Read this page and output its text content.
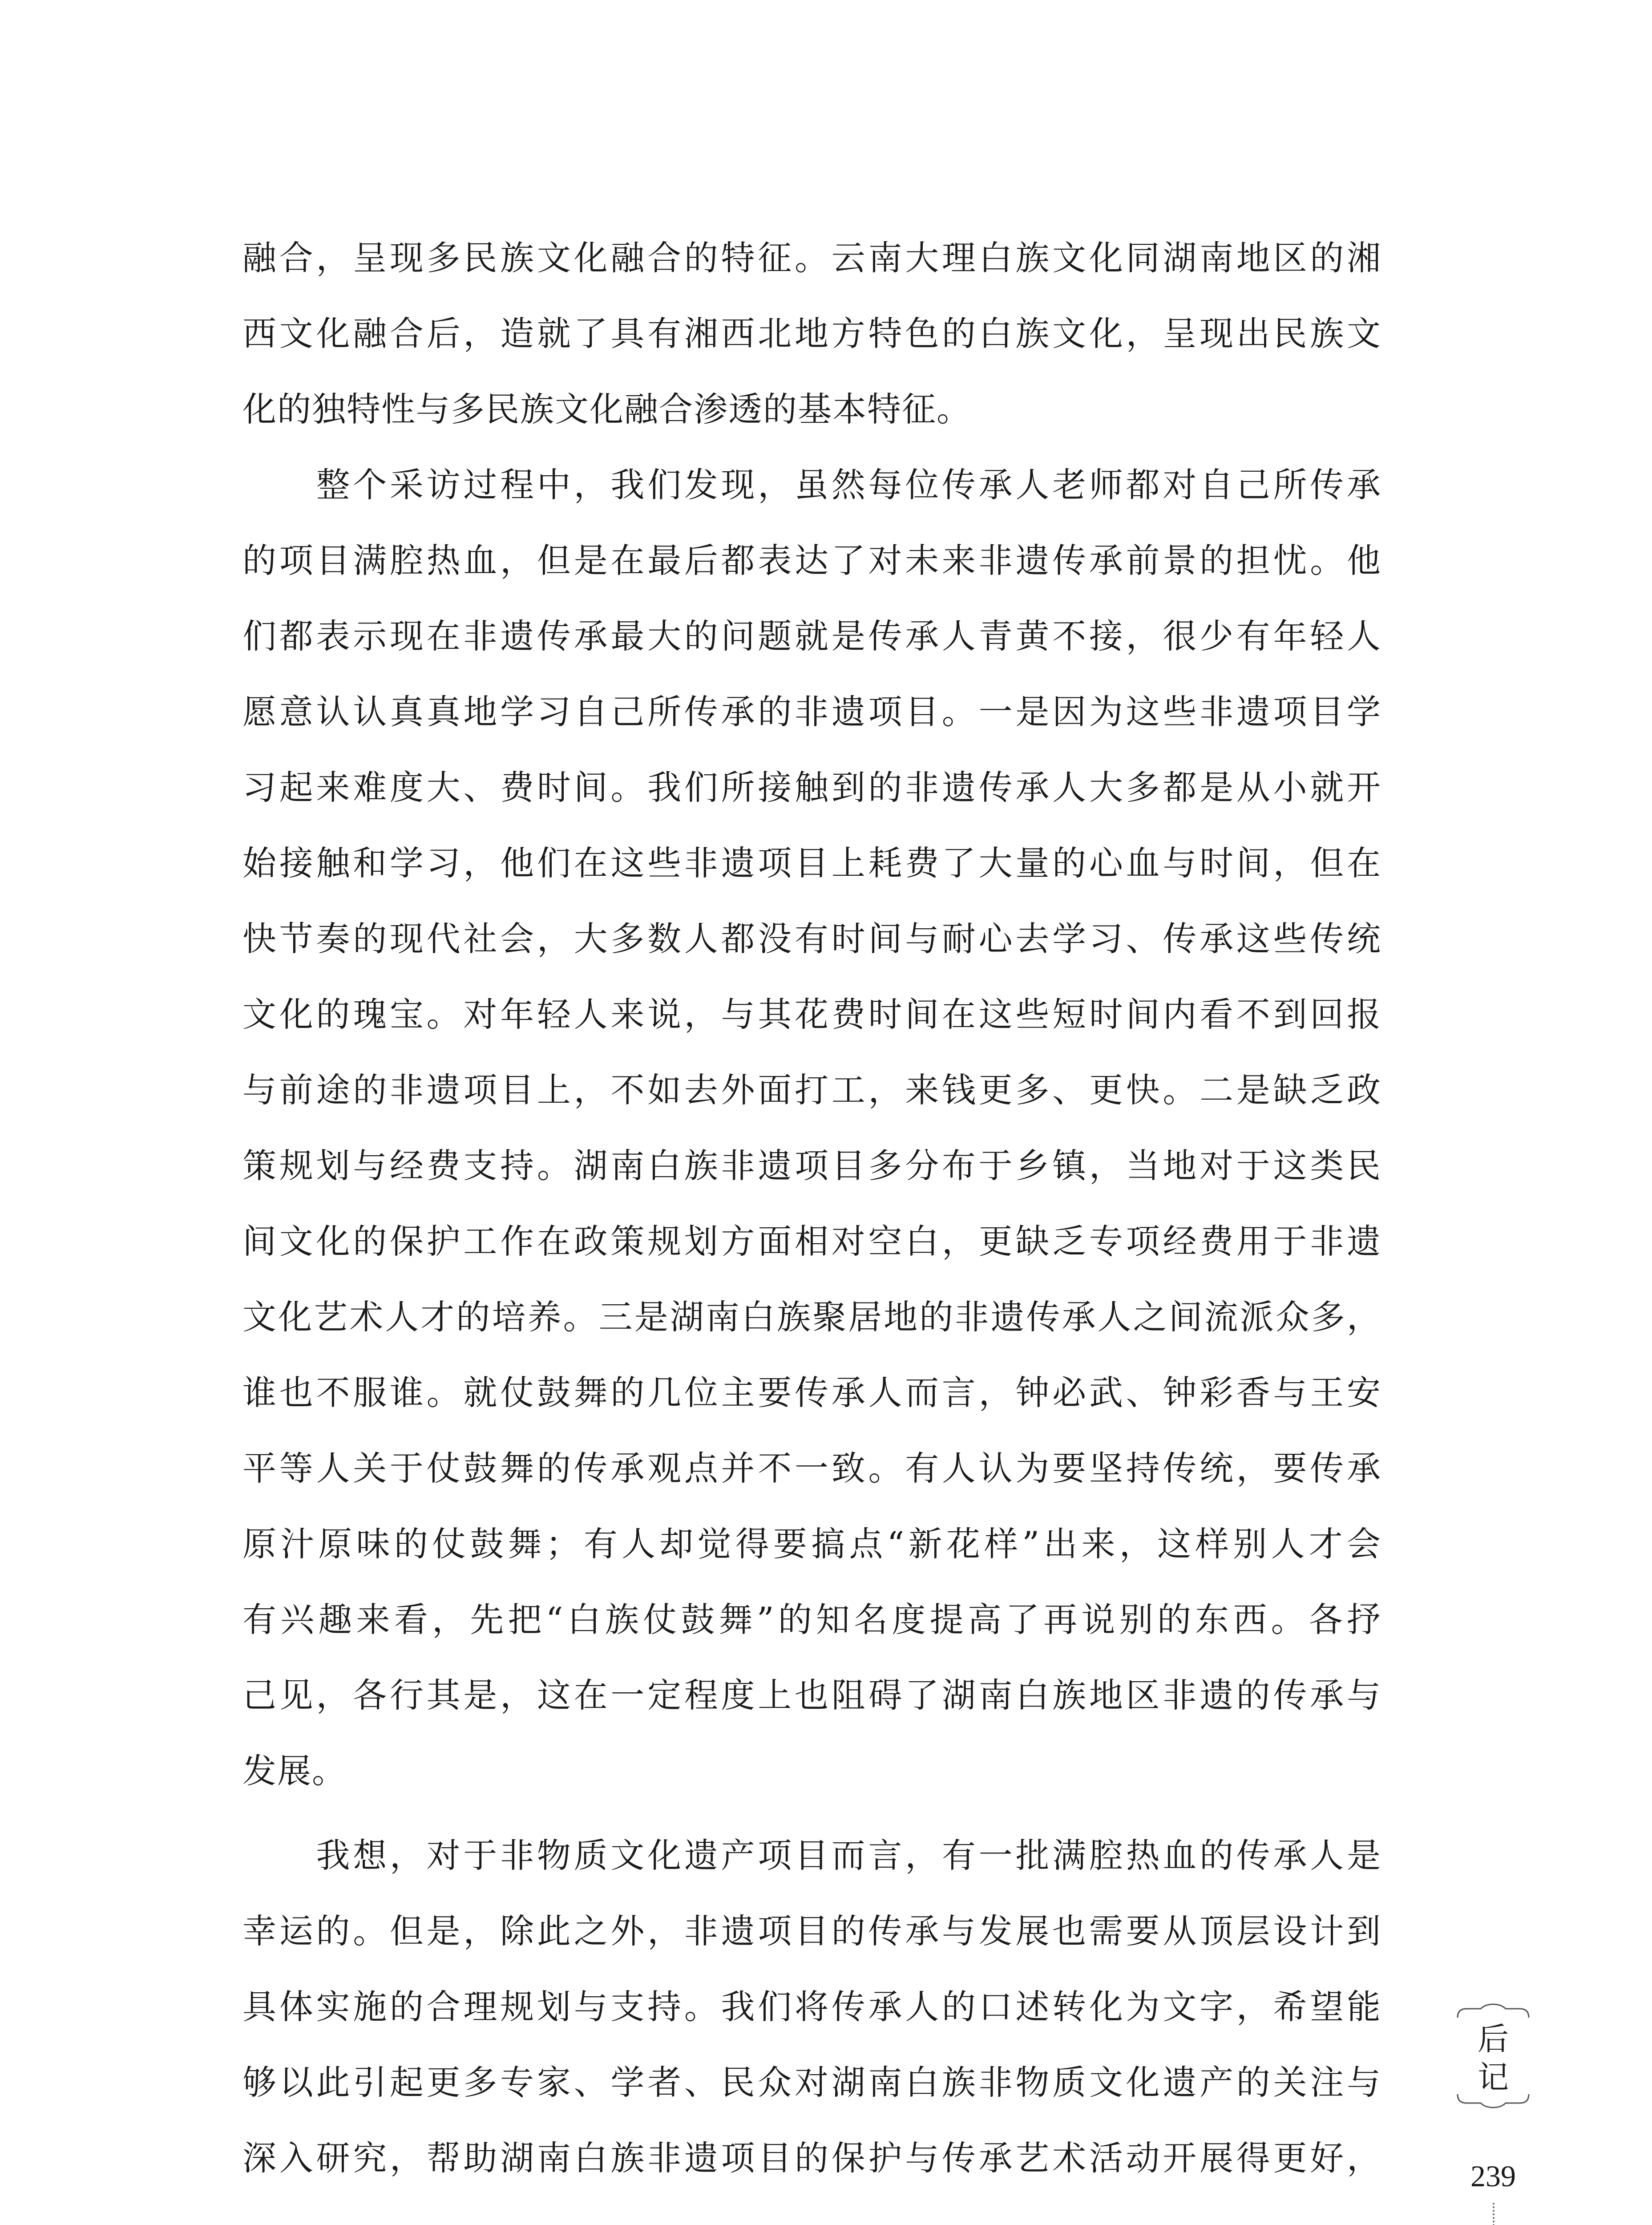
融合，呈现多民族文化融合的特征。云南大理白族文化同湖南地区的湘
西文化融合后，造就了具有湘西北地方特色的白族文化，呈现出民族文
化的独特性与多民族文化融合渗透的基本特征。
　　整个采访过程中，我们发现，虽然每位传承人老师都对自己所传承
的项目满腔热血，但是在最后都表达了对未来非遗传承前景的担忧。他
们都表示现在非遗传承最大的问题就是传承人青黄不接，很少有年轻人
愿意认认真真地学习自己所传承的非遗项目。一是因为这些非遗项目学
习起来难度大、费时间。我们所接触到的非遗传承人大多都是从小就开
始接触和学习，他们在这些非遗项目上耗费了大量的心血与时间，但在
快节奏的现代社会，大多数人都没有时间与耐心去学习、传承这些传统
文化的瑰宝。对年轻人来说，与其花费时间在这些短时间内看不到回报
与前途的非遗项目上，不如去外面打工，来钱更多、更快。二是缺乏政
策规划与经费支持。湖南白族非遗项目多分布于乡镇，当地对于这类民
间文化的保护工作在政策规划方面相对空白，更缺乏专项经费用于非遗
文化艺术人才的培养。三是湖南白族聚居地的非遗传承人之间流派众多，
谁也不服谁。就仗鼓舞的几位主要传承人而言，钟必武、钟彩香与王安
平等人关于仗鼓舞的传承观点并不一致。有人认为要坚持传统，要传承
原汁原味的仗鼓舞；有人却觉得要搞点“新花样”出来，这样别人才会
有兴趣来看，先把“白族仗鼓舞”的知名度提高了再说别的东西。各抒
己见，各行其是，这在一定程度上也阻碍了湖南白族地区非遗的传承与
发展。
　　我想，对于非物质文化遗产项目而言，有一批满腔热血的传承人是
幸运的。但是，除此之外，非遗项目的传承与发展也需要从顶层设计到
具体实施的合理规划与支持。我们将传承人的口述转化为文字，希望能
够以此引起更多专家、学者、民众对湖南白族非物质文化遗产的关注与
深入研究，帮助湖南白族非遗项目的保护与传承艺术活动开展得更好，
后
记
239
